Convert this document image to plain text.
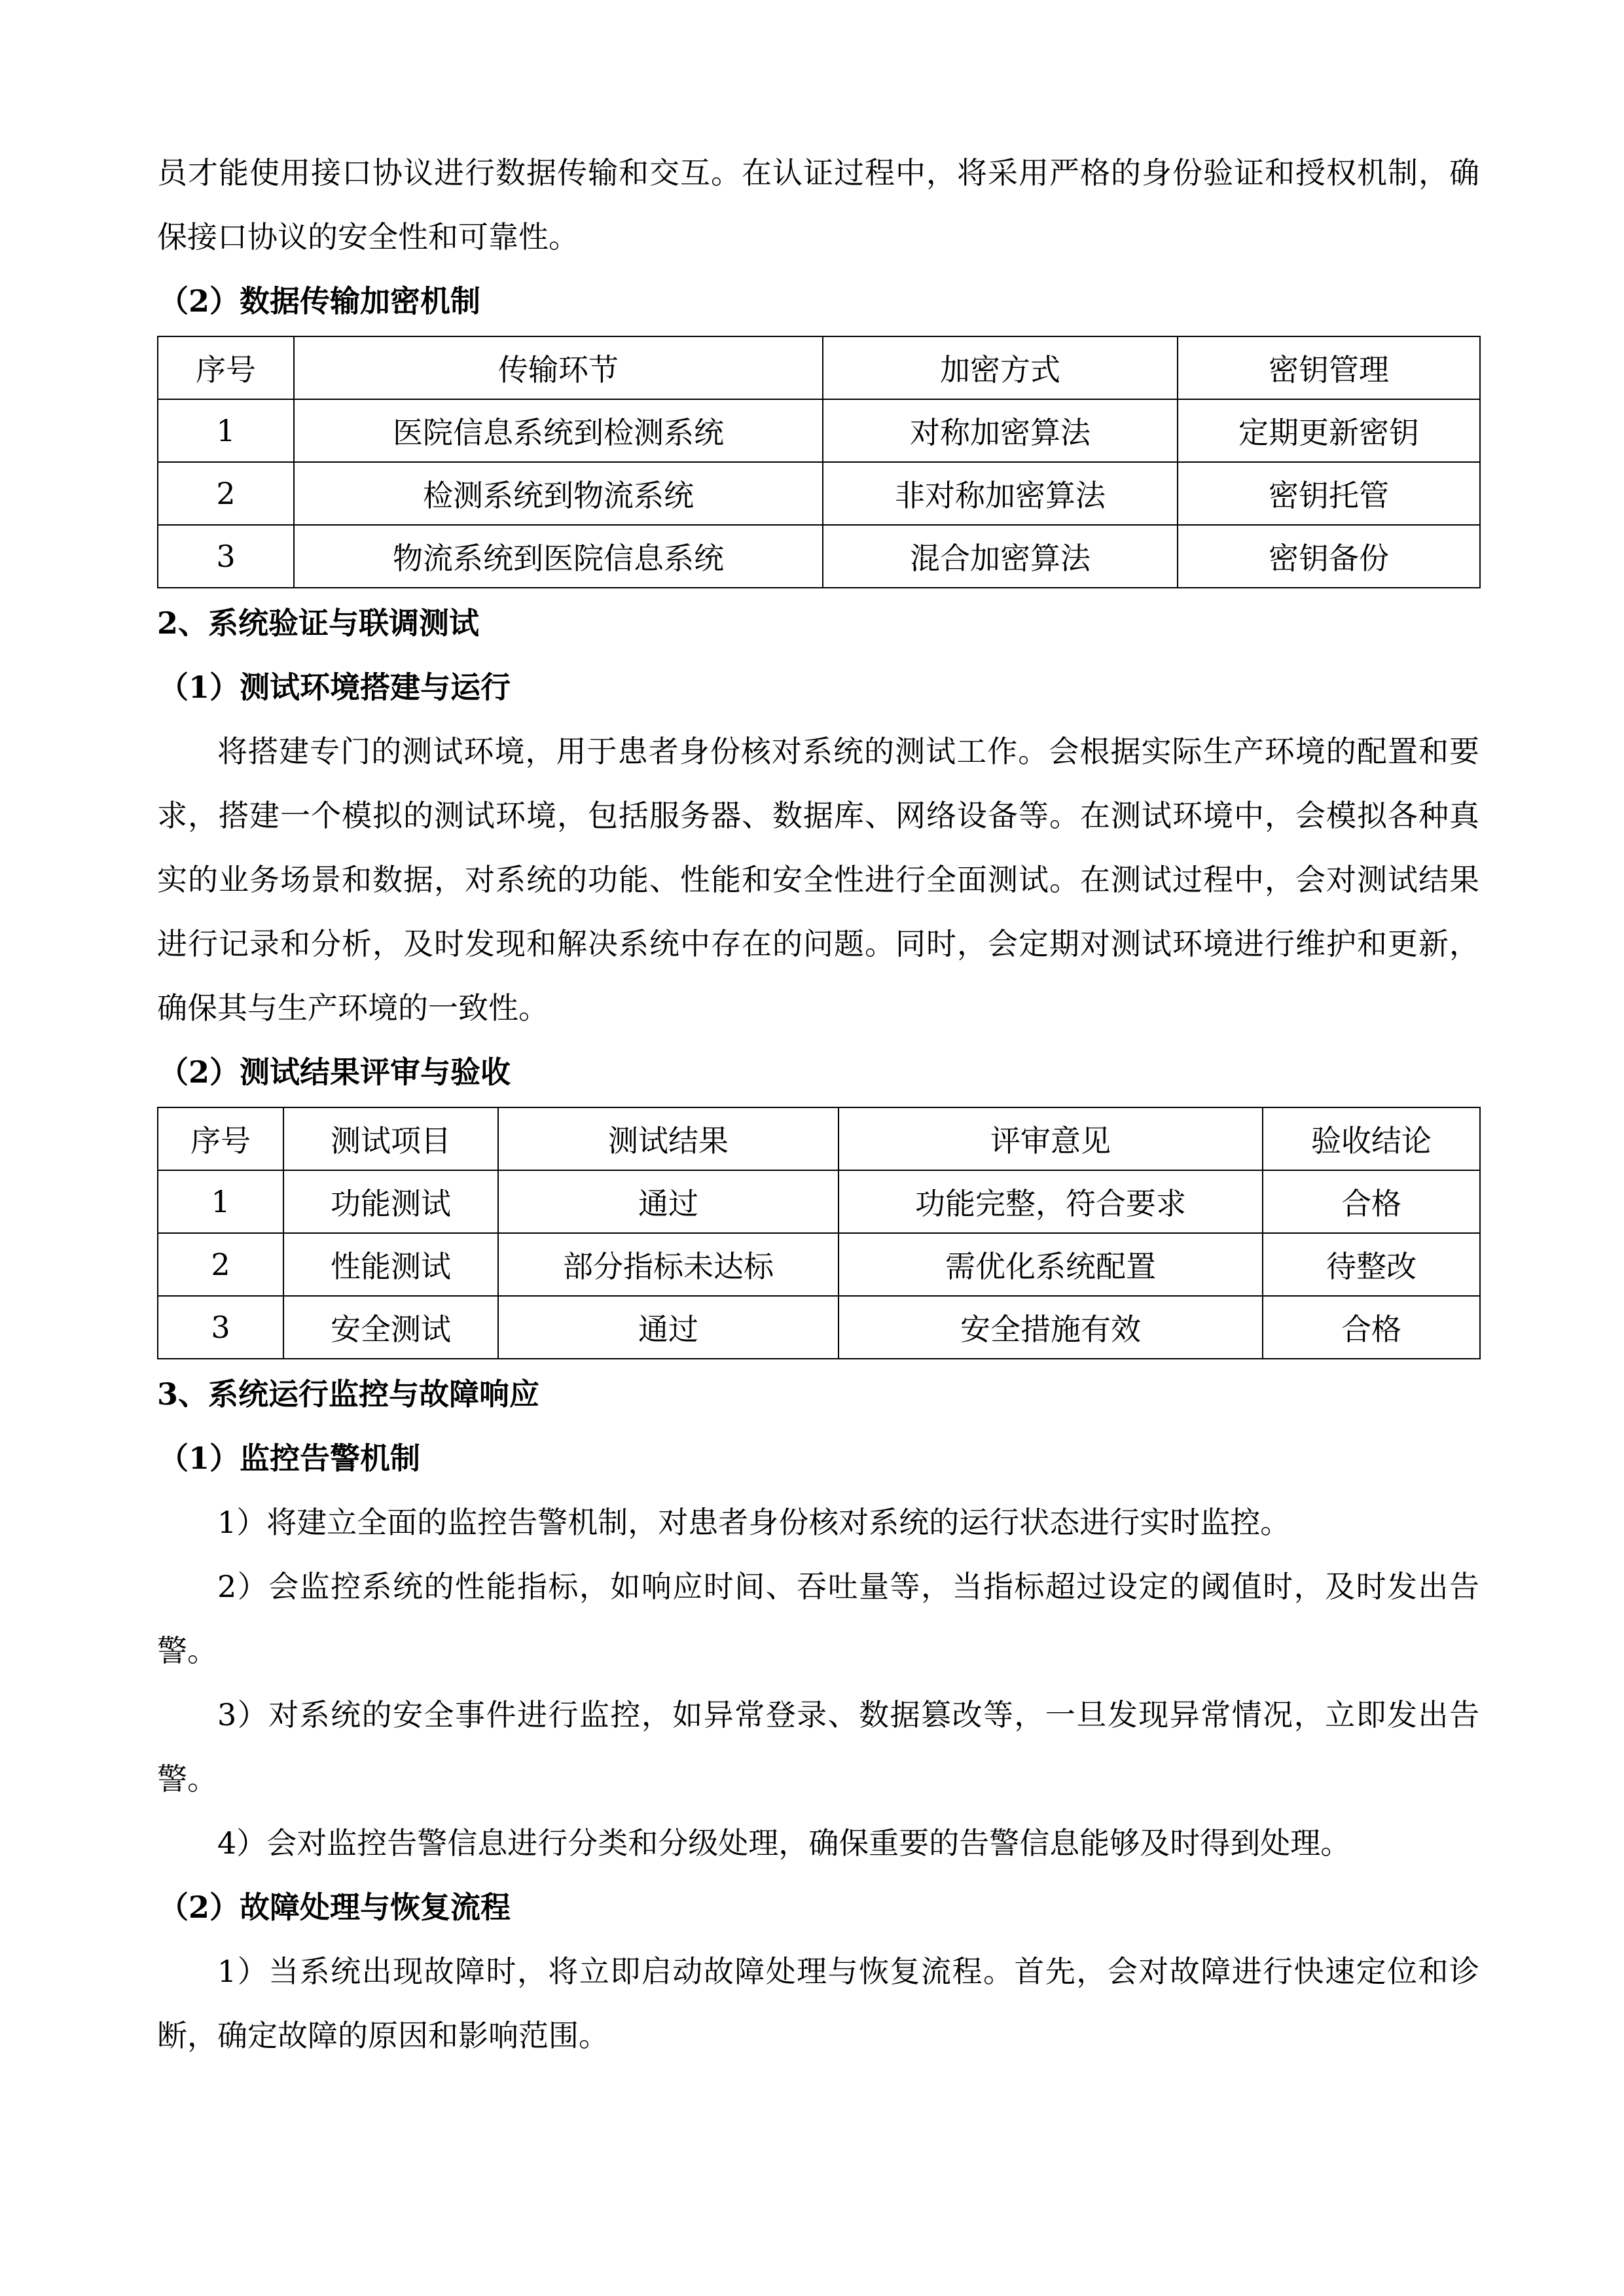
员才能使用接口协议进行数据传输和交互。在认证过程中，将采用严格的身份验证和授权机制，确保接口协议的安全性和可靠性。

（2）数据传输加密机制

序号	传输环节	加密方式	密钥管理
1	医院信息系统到检测系统	对称加密算法	定期更新密钥
2	检测系统到物流系统	非对称加密算法	密钥托管
3	物流系统到医院信息系统	混合加密算法	密钥备份

2、系统验证与联调测试

（1）测试环境搭建与运行

将搭建专门的测试环境，用于患者身份核对系统的测试工作。会根据实际生产环境的配置和要求，搭建一个模拟的测试环境，包括服务器、数据库、网络设备等。在测试环境中，会模拟各种真实的业务场景和数据，对系统的功能、性能和安全性进行全面测试。在测试过程中，会对测试结果进行记录和分析，及时发现和解决系统中存在的问题。同时，会定期对测试环境进行维护和更新，确保其与生产环境的一致性。

（2）测试结果评审与验收

序号	测试项目	测试结果	评审意见	验收结论
1	功能测试	通过	功能完整，符合要求	合格
2	性能测试	部分指标未达标	需优化系统配置	待整改
3	安全测试	通过	安全措施有效	合格

3、系统运行监控与故障响应

（1）监控告警机制

1）将建立全面的监控告警机制，对患者身份核对系统的运行状态进行实时监控。

2）会监控系统的性能指标，如响应时间、吞吐量等，当指标超过设定的阈值时，及时发出告警。

3）对系统的安全事件进行监控，如异常登录、数据篡改等，一旦发现异常情况，立即发出告警。

4）会对监控告警信息进行分类和分级处理，确保重要的告警信息能够及时得到处理。

（2）故障处理与恢复流程

1）当系统出现故障时，将立即启动故障处理与恢复流程。首先，会对故障进行快速定位和诊断，确定故障的原因和影响范围。
